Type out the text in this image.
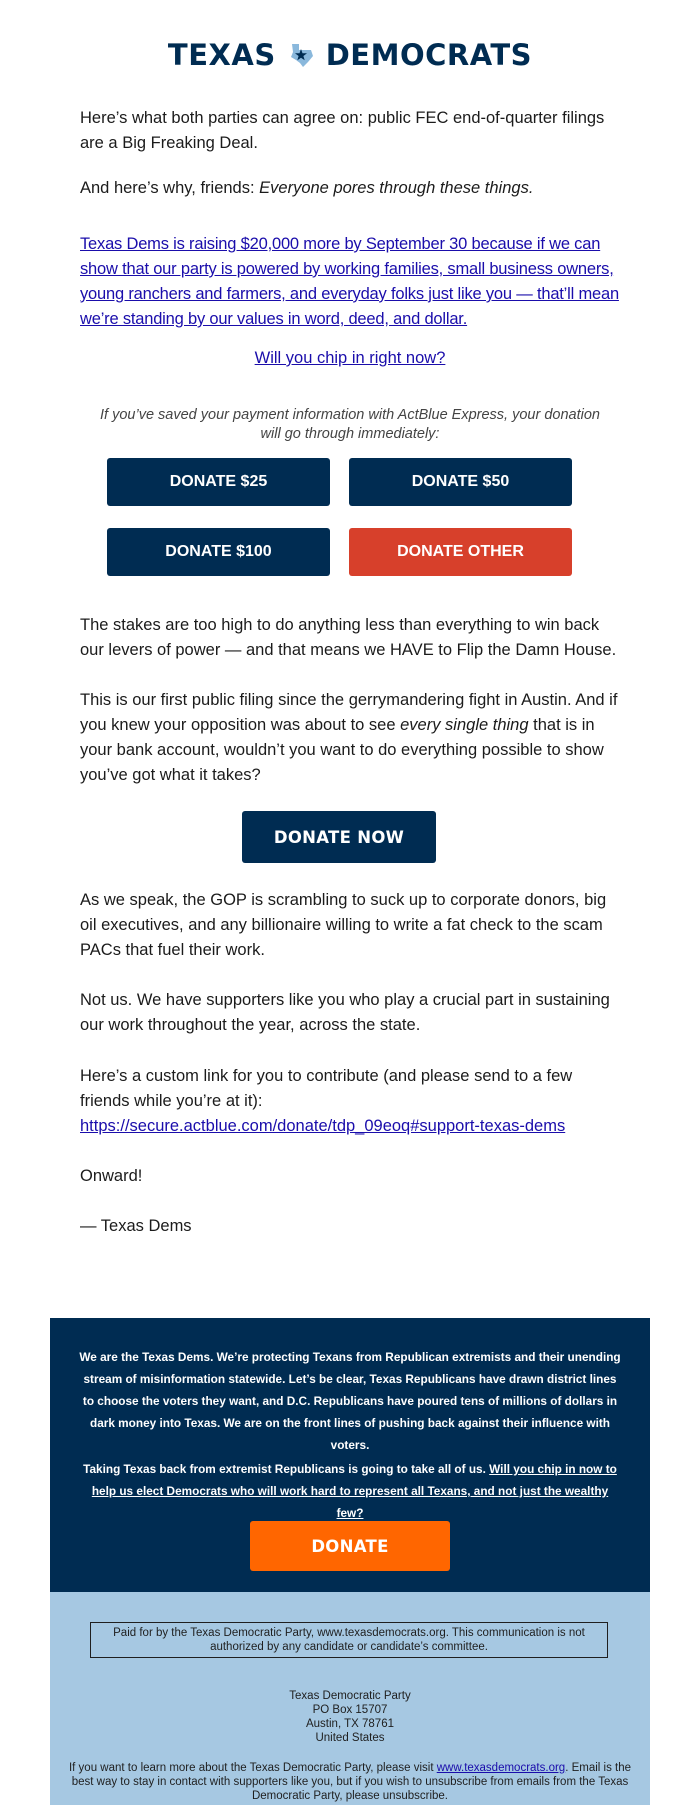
TEXAS DEMOCRATS

Here’s what both parties can agree on: public FEC end-of-quarter filings are a Big Freaking Deal.

And here’s why, friends: Everyone pores through these things.

Texas Dems is raising $20,000 more by September 30 because if we can show that our party is powered by working families, small business owners, young ranchers and farmers, and everyday folks just like you — that’ll mean we’re standing by our values in word, deed, and dollar.
Will you chip in right now?
If you’ve saved your payment information with ActBlue Express, your donation will go through immediately:
DONATE $25	DONATE $50
DONATE $100	DONATE OTHER

The stakes are too high to do anything less than everything to win back our levers of power — and that means we HAVE to Flip the Damn House.

This is our first public filing since the gerrymandering fight in Austin. And if you knew your opposition was about to see every single thing that is in your bank account, wouldn’t you want to do everything possible to show you’ve got what it takes?

DONATE NOW

As we speak, the GOP is scrambling to suck up to corporate donors, big oil executives, and any billionaire willing to write a fat check to the scam PACs that fuel their work.

Not us. We have supporters like you who play a crucial part in sustaining our work throughout the year, across the state.

Here’s a custom link for you to contribute (and please send to a few friends while you’re at it):

https://secure.actblue.com/donate/tdp_09eoq#support-texas-dems

Onward!

— Texas Dems

We are the Texas Dems. We’re protecting Texans from Republican extremists and their unending stream of misinformation statewide. Let’s be clear, Texas Republicans have drawn district lines to choose the voters they want, and D.C. Republicans have poured tens of millions of dollars in dark money into Texas. We are on the front lines of pushing back against their influence with voters.

Taking Texas back from extremist Republicans is going to take all of us. Will you chip in now to help us elect Democrats who will work hard to represent all Texans, and not just the wealthy few?

DONATE
Paid for by the Texas Democratic Party, www.texasdemocrats.org. This communication is not authorized by any candidate or candidate’s committee.
Texas Democratic Party
PO Box 15707
Austin, TX 78761
United States
If you want to learn more about the Texas Democratic Party, please visit www.texasdemocrats.org. Email is the best way to stay in contact with supporters like you, but if you wish to unsubscribe from emails from the Texas Democratic Party, please unsubscribe.
